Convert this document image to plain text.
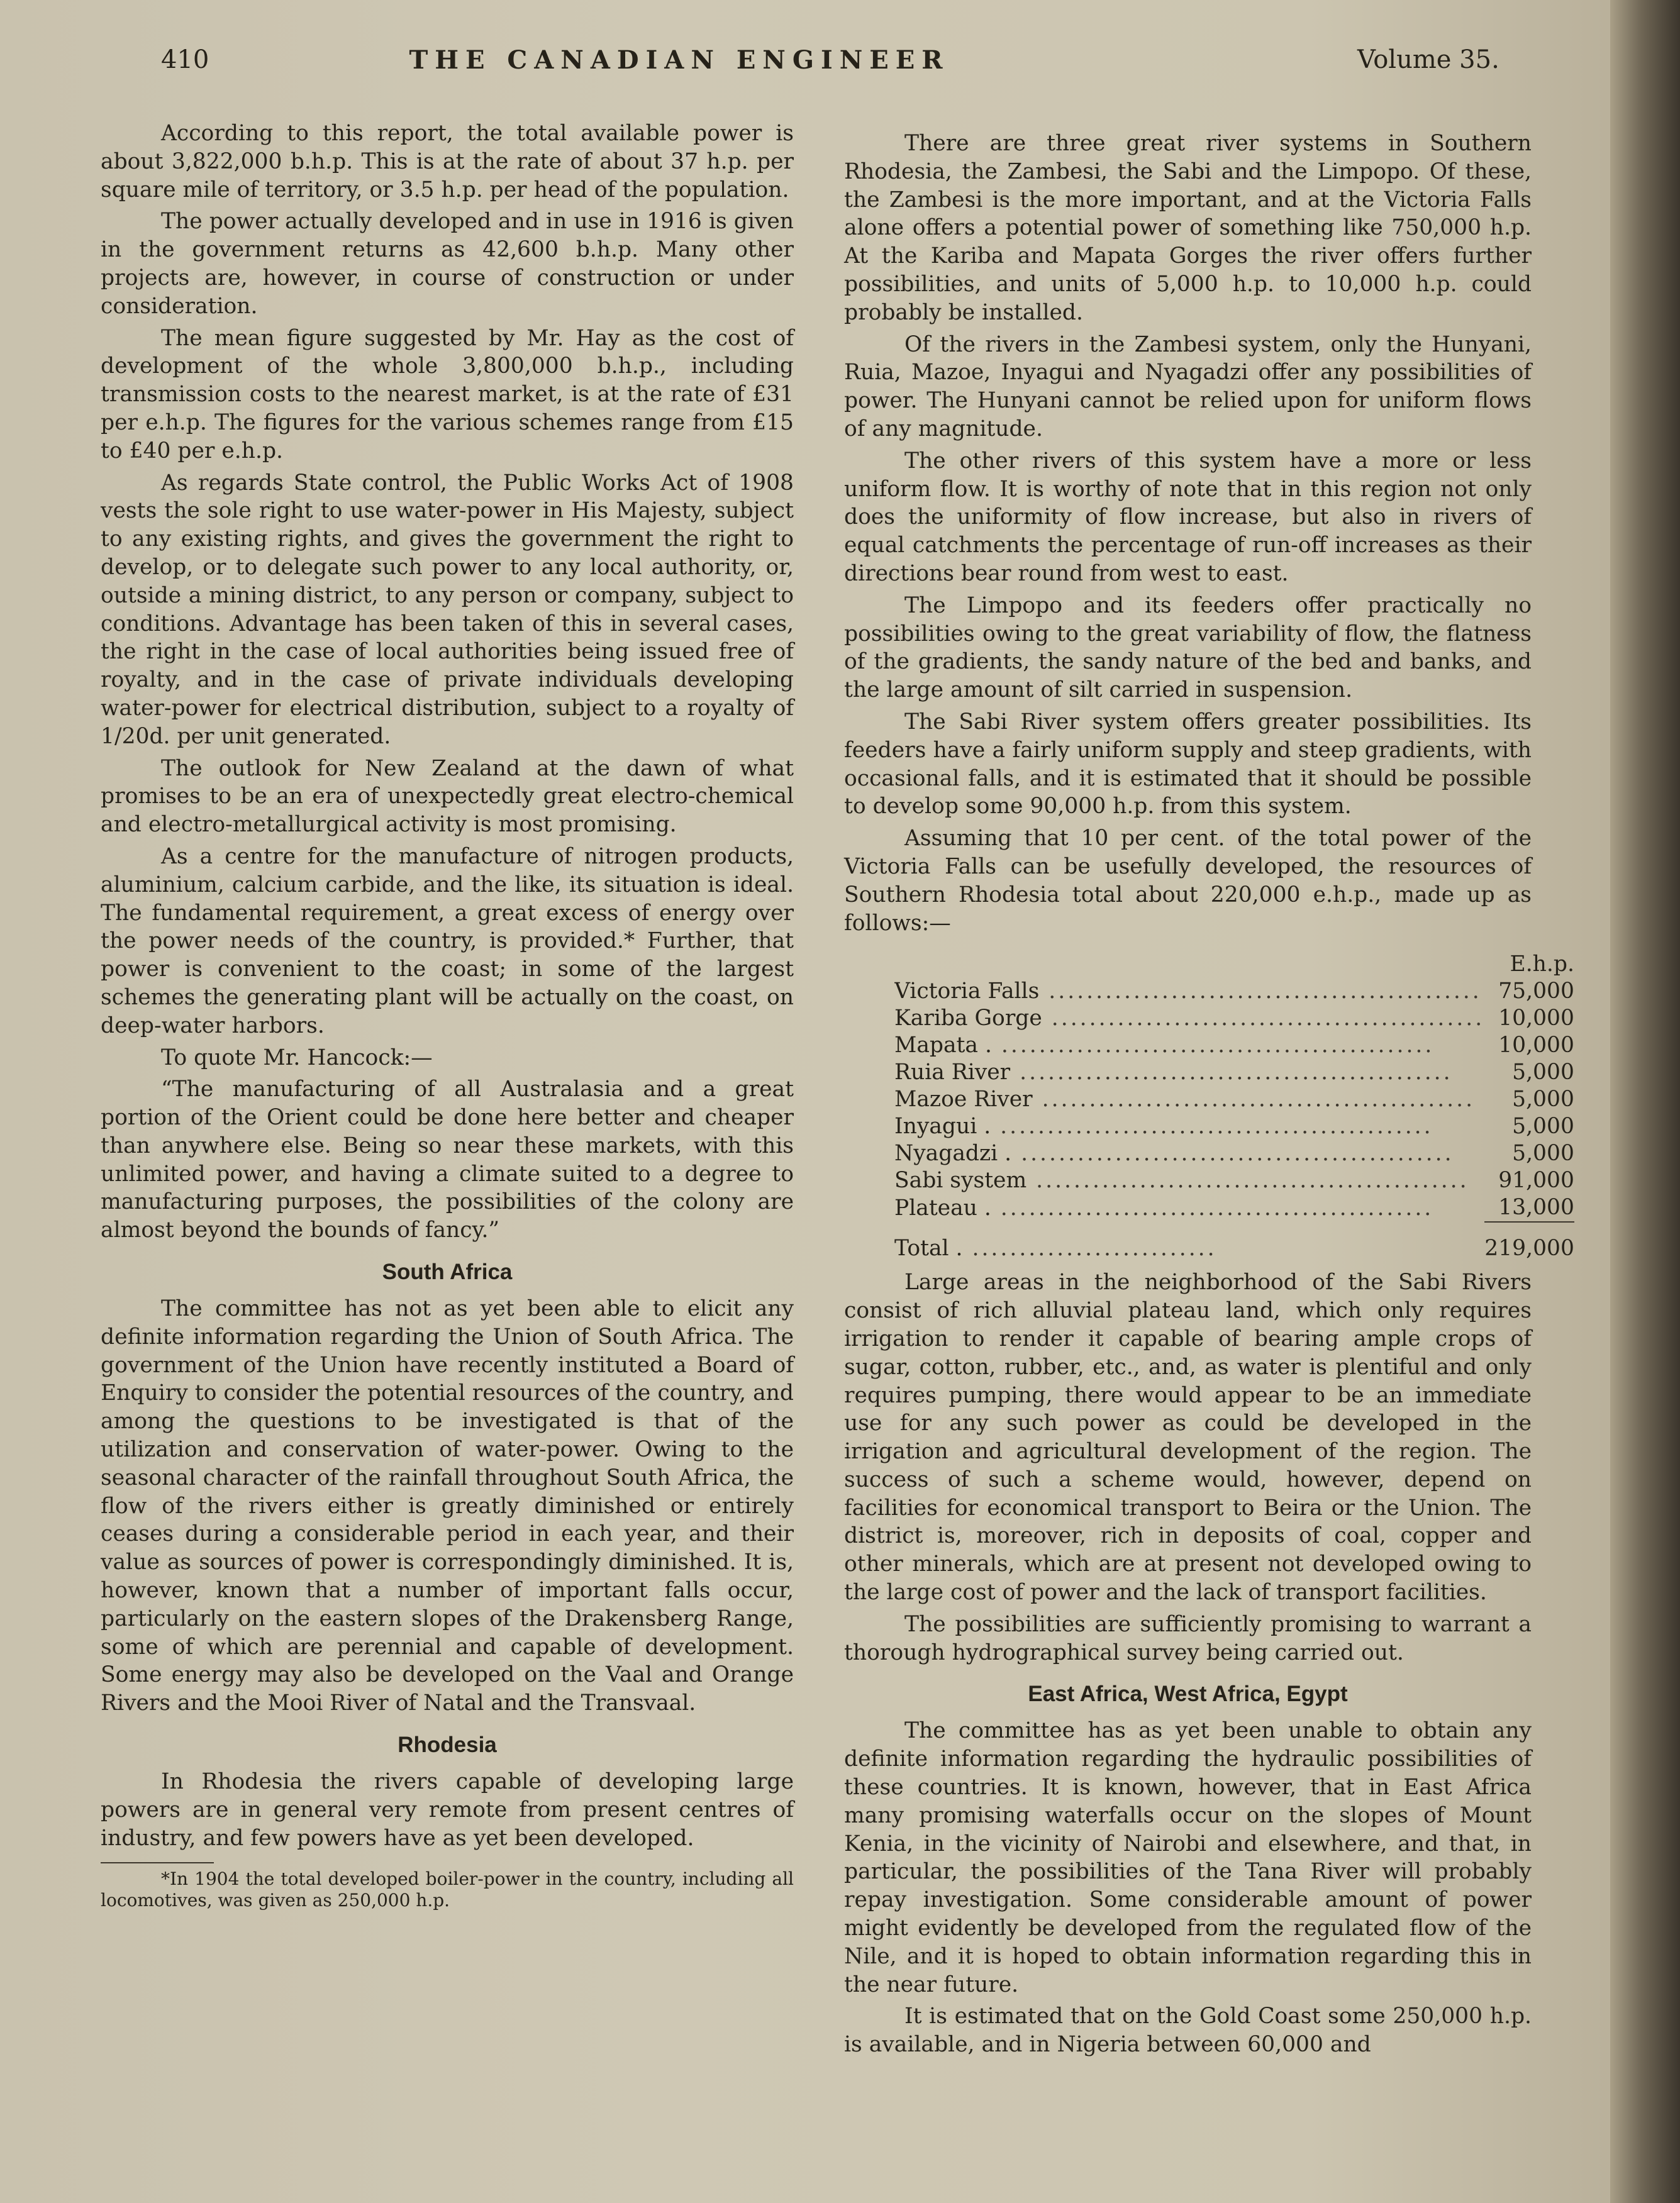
410	THE CANADIAN ENGINEER	Volume 35.

According to this report, the total available power is about 3,822,000 b.h.p. This is at the rate of about 37 h.p. per square mile of territory, or 3.5 h.p. per head of the population.

The power actually developed and in use in 1916 is given in the government returns as 42,600 b.h.p. Many other projects are, however, in course of construction or under consideration.

The mean figure suggested by Mr. Hay as the cost of development of the whole 3,800,000 b.h.p., including transmission costs to the nearest market, is at the rate of £31 per e.h.p. The figures for the various schemes range from £15 to £40 per e.h.p.

As regards State control, the Public Works Act of 1908 vests the sole right to use water-power in His Majesty, subject to any existing rights, and gives the government the right to develop, or to delegate such power to any local authority, or, outside a mining district, to any person or company, subject to conditions. Advantage has been taken of this in several cases, the right in the case of local authorities being issued free of royalty, and in the case of private individuals developing water-power for electrical distribution, subject to a royalty of 1/20d. per unit generated.

The outlook for New Zealand at the dawn of what promises to be an era of unexpectedly great electro-chemical and electro-metallurgical activity is most promising.

As a centre for the manufacture of nitrogen products, aluminium, calcium carbide, and the like, its situation is ideal. The fundamental requirement, a great excess of energy over the power needs of the country, is provided.* Further, that power is convenient to the coast; in some of the largest schemes the generating plant will be actually on the coast, on deep-water harbors.

To quote Mr. Hancock:—

“The manufacturing of all Australasia and a great portion of the Orient could be done here better and cheaper than anywhere else. Being so near these markets, with this unlimited power, and having a climate suited to a degree to manufacturing purposes, the possibilities of the colony are almost beyond the bounds of fancy.”

South Africa

The committee has not as yet been able to elicit any definite information regarding the Union of South Africa. The government of the Union have recently instituted a Board of Enquiry to consider the potential resources of the country, and among the questions to be investigated is that of the utilization and conservation of water-power. Owing to the seasonal character of the rainfall throughout South Africa, the flow of the rivers either is greatly diminished or entirely ceases during a considerable period in each year, and their value as sources of power is correspondingly diminished. It is, however, known that a number of important falls occur, particularly on the eastern slopes of the Drakensberg Range, some of which are perennial and capable of development. Some energy may also be developed on the Vaal and Orange Rivers and the Mooi River of Natal and the Transvaal.

Rhodesia

In Rhodesia the rivers capable of developing large powers are in general very remote from present centres of industry, and few powers have as yet been developed.

*In 1904 the total developed boiler-power in the country, including all locomotives, was given as 250,000 h.p.

There are three great river systems in Southern Rhodesia, the Zambesi, the Sabi and the Limpopo. Of these, the Zambesi is the more important, and at the Victoria Falls alone offers a potential power of something like 750,000 h.p. At the Kariba and Mapata Gorges the river offers further possibilities, and units of 5,000 h.p. to 10,000 h.p. could probably be installed.

Of the rivers in the Zambesi system, only the Hunyani, Ruia, Mazoe, Inyagui and Nyagadzi offer any possibilities of power. The Hunyani cannot be relied upon for uniform flows of any magnitude.

The other rivers of this system have a more or less uniform flow. It is worthy of note that in this region not only does the uniformity of flow increase, but also in rivers of equal catchments the percentage of run-off increases as their directions bear round from west to east.

The Limpopo and its feeders offer practically no possibilities owing to the great variability of flow, the flatness of the gradients, the sandy nature of the bed and banks, and the large amount of silt carried in suspension.

The Sabi River system offers greater possibilities. Its feeders have a fairly uniform supply and steep gradients, with occasional falls, and it is estimated that it should be possible to develop some 90,000 h.p. from this system.

Assuming that 10 per cent. of the total power of the Victoria Falls can be usefully developed, the resources of Southern Rhodesia total about 220,000 e.h.p., made up as follows:—

	E.h.p.
Victoria Falls ..............................................	75,000
Kariba Gorge ..............................................	10,000
Mapata . ..............................................	10,000
Ruia River ..............................................	5,000
Mazoe River ..............................................	5,000
Inyagui . ..............................................	5,000
Nyagadzi . ..............................................	5,000
Sabi system ..............................................	91,000
Plateau . ..............................................	13,000
Total . ..........................	219,000

Large areas in the neighborhood of the Sabi Rivers consist of rich alluvial plateau land, which only requires irrigation to render it capable of bearing ample crops of sugar, cotton, rubber, etc., and, as water is plentiful and only requires pumping, there would appear to be an immediate use for any such power as could be developed in the irrigation and agricultural development of the region. The success of such a scheme would, however, depend on facilities for economical transport to Beira or the Union. The district is, moreover, rich in deposits of coal, copper and other minerals, which are at present not developed owing to the large cost of power and the lack of transport facilities.

The possibilities are sufficiently promising to warrant a thorough hydrographical survey being carried out.

East Africa, West Africa, Egypt

The committee has as yet been unable to obtain any definite information regarding the hydraulic possibilities of these countries. It is known, however, that in East Africa many promising waterfalls occur on the slopes of Mount Kenia, in the vicinity of Nairobi and elsewhere, and that, in particular, the possibilities of the Tana River will probably repay investigation. Some considerable amount of power might evidently be developed from the regulated flow of the Nile, and it is hoped to obtain information regarding this in the near future.

It is estimated that on the Gold Coast some 250,000 h.p. is available, and in Nigeria between 60,000 and
